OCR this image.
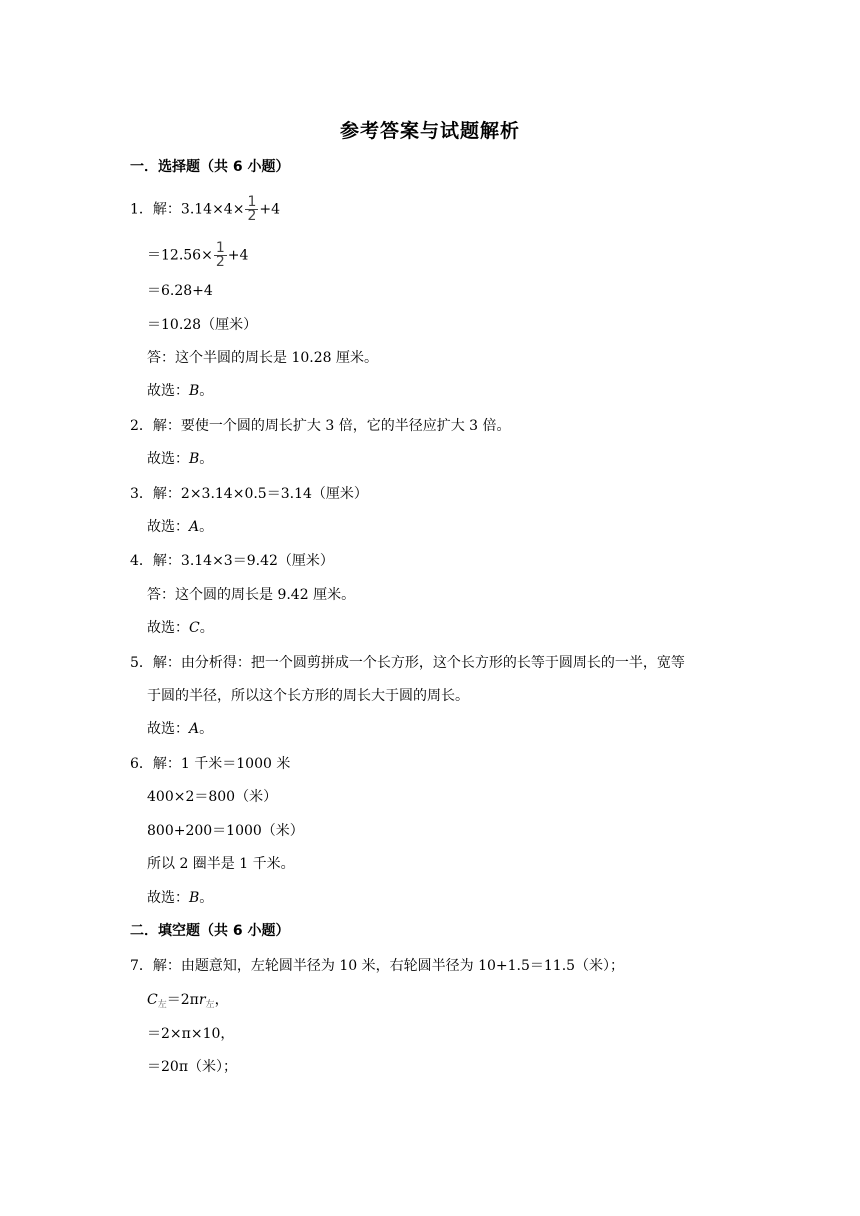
参考答案与试题解析
一．选择题（共 6 小题）
1．解：$3.14\times 4\times \frac{1}{2} +4$
$=12.56\times \frac{1}{2} +4$
＝6.28+4
＝10.28（厘米）
答：这个半圆的周长是 10.28 厘米。
故选：B。
2．解：要使一个圆的周长扩大 3 倍，它的半径应扩大 3 倍。
故选：B。
3．解：2×3.14×0.5＝3.14（厘米）
故选：A。
4．解：3.14×3＝9.42（厘米）
答：这个圆的周长是 9.42 厘米。
故选：C。
5．解：由分析得：把一个圆剪拼成一个长方形，这个长方形的长等于圆周长的一半，宽等
于圆的半径，所以这个长方形的周长大于圆的周长。
故选：A。
6．解：1 千米＝1000 米
400×2＝800（米）
800+200＝1000（米）
所以 2 圈半是 1 千米。
故选：B。
二．填空题（共 6 小题）
7．解：由题意知，左轮圆半径为 10 米，右轮圆半径为 10+1.5＝11.5（米）；
$C_左=2\pi r_左$，
＝2×π×10，
＝20π（米）；
